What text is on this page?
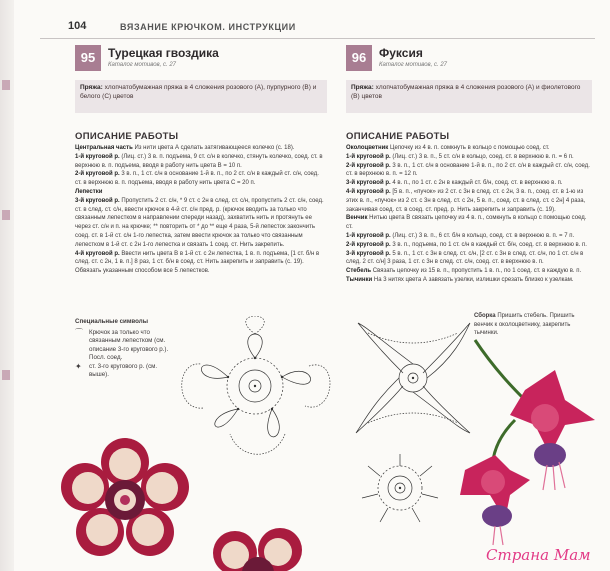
104	ВЯЗАНИЕ КРЮЧКОМ. ИНСТРУКЦИИ
95	Турецкая гвоздика
Каталог мотивов, с. 27
Пряжа: хлопчатобумажная пряжа в 4 сложения розового (А), пурпурного (В) и белого (С) цветов
ОПИСАНИЕ РАБОТЫ

Центральная часть Из нити цвета А сделать затягивающееся колечко (с. 18).

1-й круговой р. (Лиц. ст.) 3 в. п. подъема, 9 ст. с/н в колечко, стянуть колечко, соед. ст. в верхнюю в. п. подъема, вводя в работу нить цвета В = 10 п.

2-й круговой р. 3 в. п., 1 ст. с/н в основание 1-й в. п., по 2 ст. с/н в каждый ст. с/н, соед. ст. в верхнюю в. п. подъема, вводя в работу нить цвета С = 20 п.

Лепестки

3-й круговой р. Пропустить 2 ст. с/н, * 9 ст. с 2н в след. ст. с/н, пропустить 2 ст. с/н, соед. ст. в след. ст. с/н, ввести крючок в 4-й ст. с/н пред. р. (крючок вводить за только что связанным лепестком в направлении спереди назад), захватить нить и протянуть ее через ст. с/н и п. на крючке; ** повторить от * до ** еще 4 раза, 5-й лепесток закончить соед. ст. в 1-й ст. с/н 1-го лепестка, затем ввести крючок за только что связанным лепестком в 1-й ст. с 2н 1-го лепестка и связать 1 соед. ст. Нить закрепить.

4-й круговой р. Ввести нить цвета В в 1-й ст. с 2н лепестка, 1 в. п. подъема, [1 ст. б/н в след. ст. с 2н, 1 в. п.] 8 раз, 1 ст. б/н в соед. ст. Нить закрепить и заправить (с. 19). Обвязать указанным способом все 5 лепестков.

Специальные символы
⌒ Крючок за только что связанным лепестком (см. описание 3-го кругового р.). Посл. соед.
✦ ст. 3-го кругового р. (см. выше).
96	Фуксия
Каталог мотивов, с. 27
Пряжа: хлопчатобумажная пряжа в 4 сложения розового (А) и фиолетового (В) цветов
ОПИСАНИЕ РАБОТЫ

Околоцветник Цепочку из 4 в. п. сомкнуть в кольцо с помощью соед. ст.

1-й круговой р. (Лиц. ст.) 3 в. п., 5 ст. с/н в кольцо, соед. ст. в верхнюю в. п. = 6 п.

2-й круговой р. 3 в. п., 1 ст. с/н в основание 1-й в. п., по 2 ст. с/н в каждый ст. с/н, соед. ст. в верхнюю в. п. = 12 п.

3-й круговой р. 4 в. п., по 1 ст. с 2н в каждый ст. б/н, соед. ст. в верхнюю в. п.

4-й круговой р. [5 в. п., «пучок» из 2 ст. с 3н в след. ст. с 2н, 3 в. п., соед. ст. в 1-ю из этих в. п., «пучок» из 2 ст. с 3н в след. ст. с 2н, 5 в. п., соед. ст. в след. ст. с 2н] 4 раза, заканчивая соед. ст. в соед. ст. пред. р. Нить закрепить и заправить (с. 19).

Венчик Нитью цвета В связать цепочку из 4 в. п., сомкнуть в кольцо с помощью соед. ст.

1-й круговой р. (Лиц. ст.) 3 в. п., 6 ст. б/н в кольцо, соед. ст. в верхнюю в. п. = 7 п.

2-й круговой р. 3 в. п., подъема, по 1 ст. с/н в каждый ст. б/н, соед. ст. в верхнюю в. п.

3-й круговой р. 5 в. п., 1 ст. с 3н в след. ст. с/н, [2 ст. с 3н в след. ст. с/н, по 1 ст. с/н в след. 2 ст. с/н] 3 раза, 1 ст. с 3н в след. ст. с/н, соед. ст. в верхнюю в. п.

Стебель Связать цепочку из 15 в. п., пропустить 1 в. п., по 1 соед. ст. в каждую в. п.

Тычинки На 3 нитях цвета А завязать узелки, излишки срезать близко к узелкам.

Сборка Пришить стебель. Пришить венчик к околоцветнику, закрепить тычинки.
Страна Мам
